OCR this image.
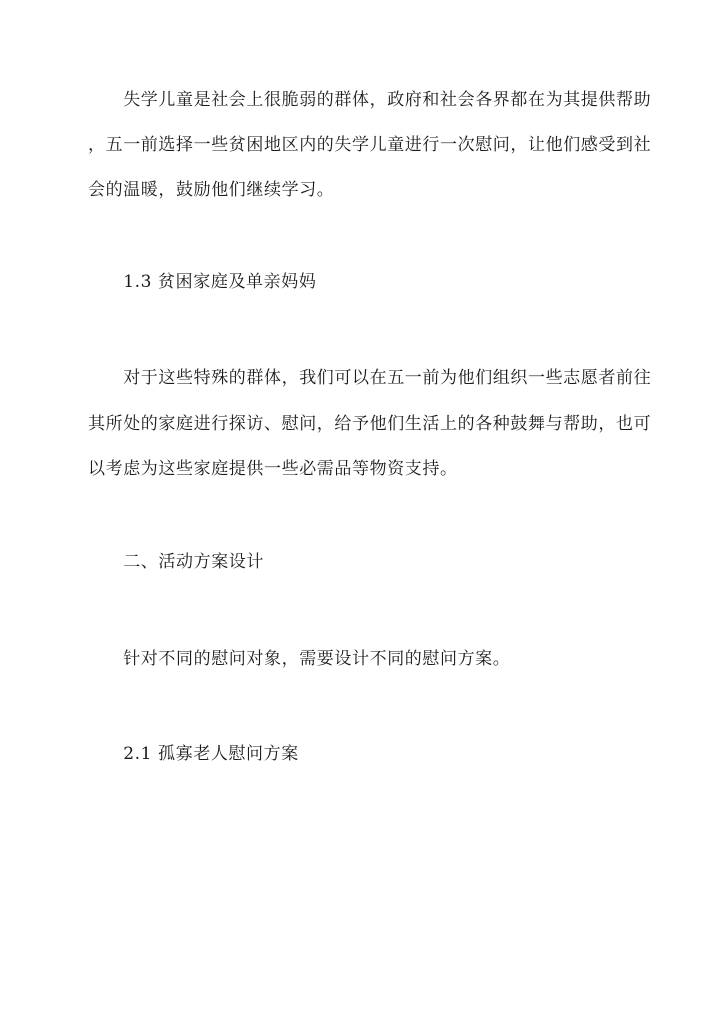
　　失学儿童是社会上很脆弱的群体，政府和社会各界都在为其提供帮助
，五一前选择一些贫困地区内的失学儿童进行一次慰问，让他们感受到社
会的温暖，鼓励他们继续学习。
　　1.3 贫困家庭及单亲妈妈
　　对于这些特殊的群体，我们可以在五一前为他们组织一些志愿者前往
其所处的家庭进行探访、慰问，给予他们生活上的各种鼓舞与帮助，也可
以考虑为这些家庭提供一些必需品等物资支持。
　　二、活动方案设计
　　针对不同的慰问对象，需要设计不同的慰问方案。
　　2.1 孤寡老人慰问方案
